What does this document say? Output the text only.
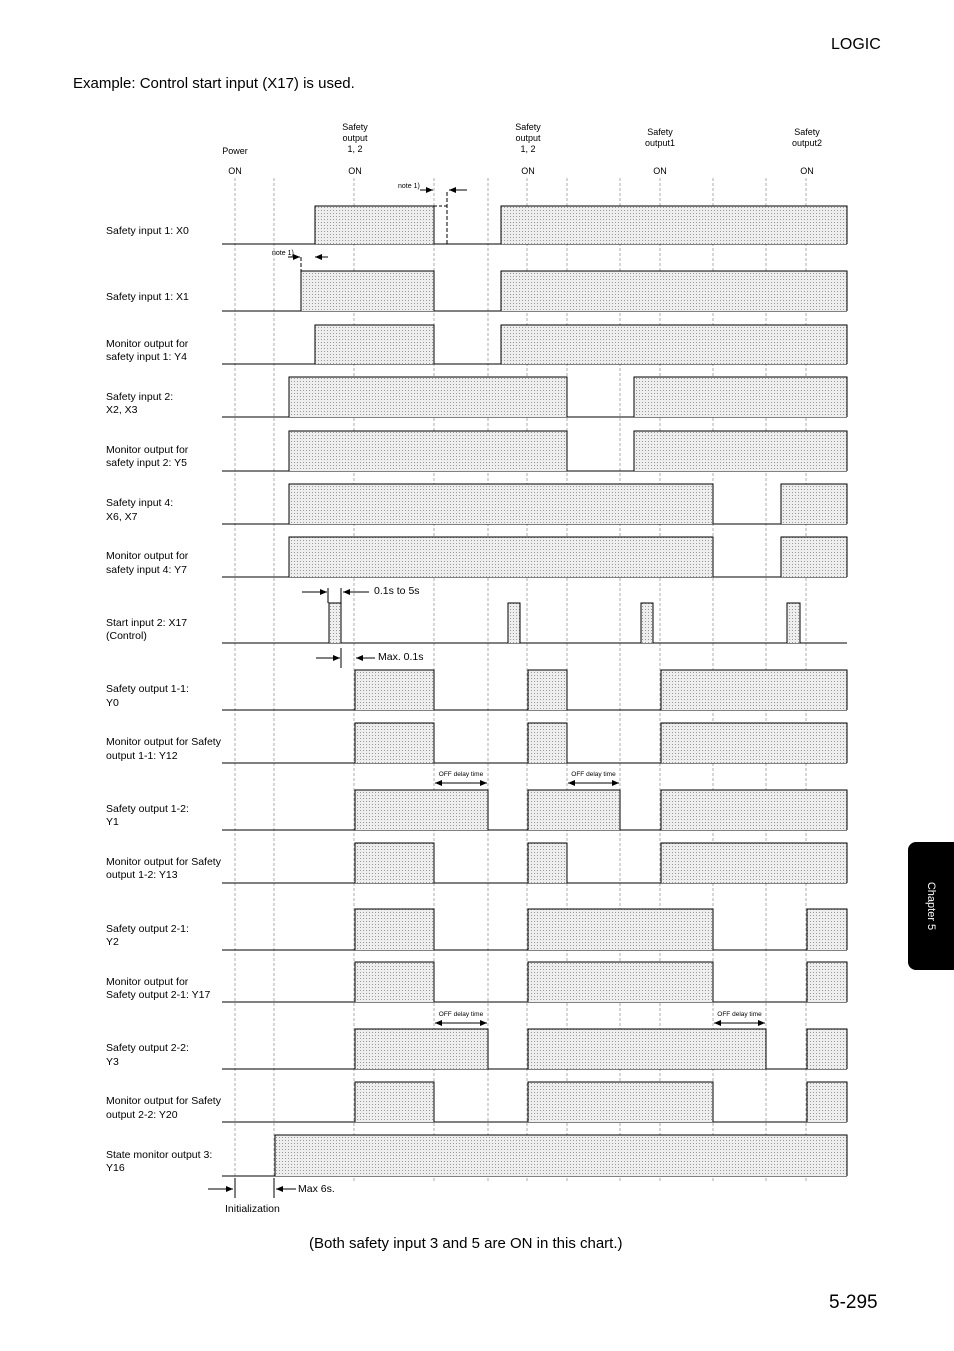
LOGIC
Example: Control start input (X17) is used.
Power
ON
Safety
output
1, 2
ON
Safety
output
1, 2
ON
Safety
output1
ON
Safety
output2
ON
Safety input 1: X0
Safety input 1: X1
Monitor output for
safety input 1: Y4
Safety input 2:
X2, X3
Monitor output for
safety input 2: Y5
Safety input 4:
X6, X7
Monitor output for
safety input 4: Y7
Start input 2: X17
(Control)
Safety output 1-1:
Y0
Monitor output for Safety
output 1-1: Y12
Safety output 1-2:
Y1
Monitor output for Safety
output 1-2: Y13
Safety output 2-1:
Y2
Monitor output for
Safety output 2-1: Y17
Safety output 2-2:
Y3
Monitor output for Safety
output 2-2: Y20
State monitor output 3:
Y16
note 1)
note 1)
0.1s to 5s
Max. 0.1s
OFF delay time	OFF delay time
OFF delay time	OFF delay time
Max 6s.
Initialization
(Both safety input 3 and 5 are ON in this chart.)
5-295
Chapter 5
